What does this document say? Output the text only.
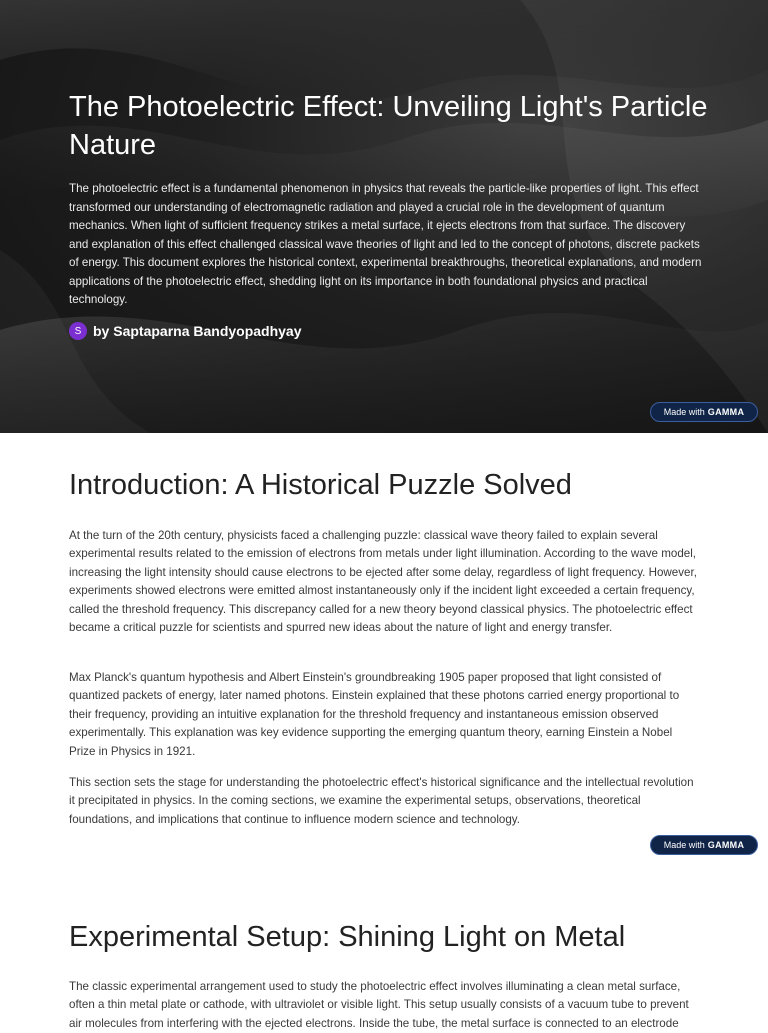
The Photoelectric Effect: Unveiling Light's Particle Nature

The photoelectric effect is a fundamental phenomenon in physics that reveals the particle-like properties of light. This effect transformed our understanding of electromagnetic radiation and played a crucial role in the development of quantum mechanics. When light of sufficient frequency strikes a metal surface, it ejects electrons from that surface. The discovery and explanation of this effect challenged classical wave theories of light and led to the concept of photons, discrete packets of energy. This document explores the historical context, experimental breakthroughs, theoretical explanations, and modern applications of the photoelectric effect, shedding light on its importance in both foundational physics and practical technology.

S by Saptaparna Bandyopadhyay
Made with GAMMA
Introduction: A Historical Puzzle Solved

At the turn of the 20th century, physicists faced a challenging puzzle: classical wave theory failed to explain several experimental results related to the emission of electrons from metals under light illumination. According to the wave model, increasing the light intensity should cause electrons to be ejected after some delay, regardless of light frequency. However, experiments showed electrons were emitted almost instantaneously only if the incident light exceeded a certain frequency, called the threshold frequency. This discrepancy called for a new theory beyond classical physics. The photoelectric effect became a critical puzzle for scientists and spurred new ideas about the nature of light and energy transfer.

Max Planck's quantum hypothesis and Albert Einstein's groundbreaking 1905 paper proposed that light consisted of quantized packets of energy, later named photons. Einstein explained that these photons carried energy proportional to their frequency, providing an intuitive explanation for the threshold frequency and instantaneous emission observed experimentally. This explanation was key evidence supporting the emerging quantum theory, earning Einstein a Nobel Prize in Physics in 1921.

This section sets the stage for understanding the photoelectric effect's historical significance and the intellectual revolution it precipitated in physics. In the coming sections, we examine the experimental setups, observations, theoretical foundations, and implications that continue to influence modern science and technology.

Made with GAMMA
Experimental Setup: Shining Light on Metal

The classic experimental arrangement used to study the photoelectric effect involves illuminating a clean metal surface, often a thin metal plate or cathode, with ultraviolet or visible light. This setup usually consists of a vacuum tube to prevent air molecules from interfering with the ejected electrons. Inside the tube, the metal surface is connected to an electrode
